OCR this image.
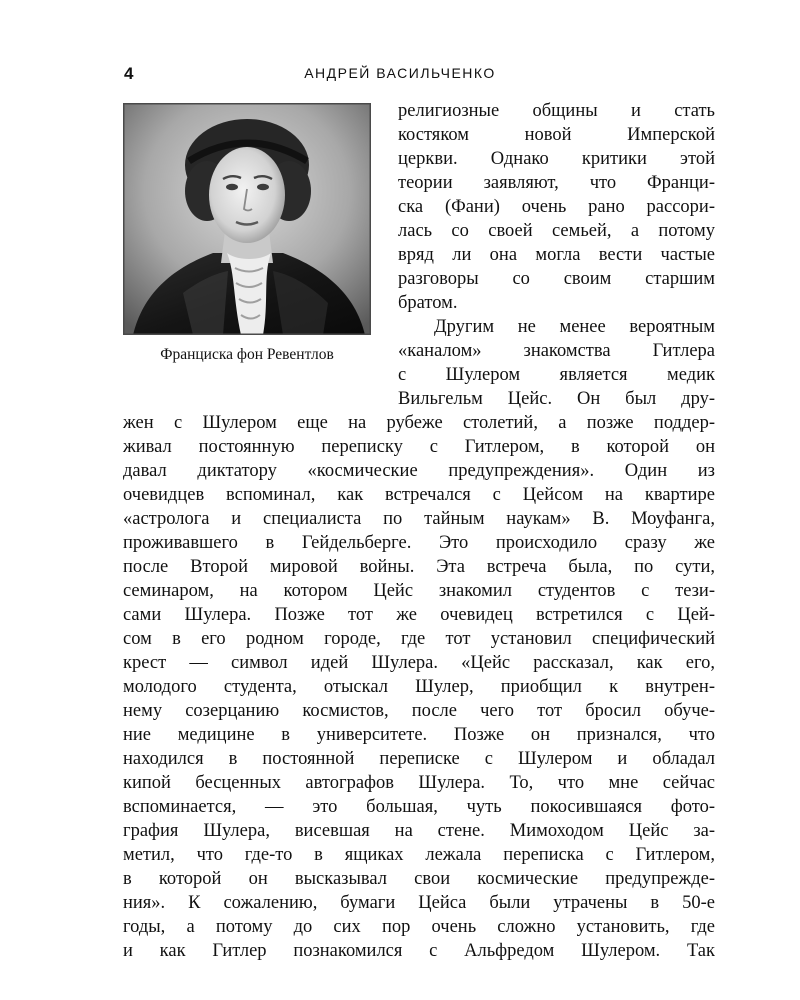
4	АНДРЕЙ ВАСИЛЬЧЕНКО
Франциска фон Ревентлов
религиозные общины и стать
костяком новой Имперской
церкви. Однако критики этой
теории заявляют, что Франци-
ска (Фани) очень рано рассори-
лась со своей семьей, а потому
вряд ли она могла вести частые
разговоры со своим старшим
братом.
Другим не менее вероятным
«каналом» знакомства Гитлера
с Шулером является медик
Вильгельм Цейс. Он был дру-
жен с Шулером еще на рубеже столетий, а позже поддер-
живал постоянную переписку с Гитлером, в которой он
давал диктатору «космические предупреждения». Один из
очевидцев вспоминал, как встречался с Цейсом на квартире
«астролога и специалиста по тайным наукам» В. Моуфанга,
проживавшего в Гейдельберге. Это происходило сразу же
после Второй мировой войны. Эта встреча была, по сути,
семинаром, на котором Цейс знакомил студентов с тези-
сами Шулера. Позже тот же очевидец встретился с Цей-
сом в его родном городе, где тот установил специфический
крест — символ идей Шулера. «Цейс рассказал, как его,
молодого студента, отыскал Шулер, приобщил к внутрен-
нему созерцанию космистов, после чего тот бросил обуче-
ние медицине в университете. Позже он признался, что
находился в постоянной переписке с Шулером и обладал
кипой бесценных автографов Шулера. То, что мне сейчас
вспоминается, — это большая, чуть покосившаяся фото-
графия Шулера, висевшая на стене. Мимоходом Цейс за-
метил, что где-то в ящиках лежала переписка с Гитлером,
в которой он высказывал свои космические предупрежде-
ния». К сожалению, бумаги Цейса были утрачены в 50-е
годы, а потому до сих пор очень сложно установить, где
и как Гитлер познакомился с Альфредом Шулером. Так
